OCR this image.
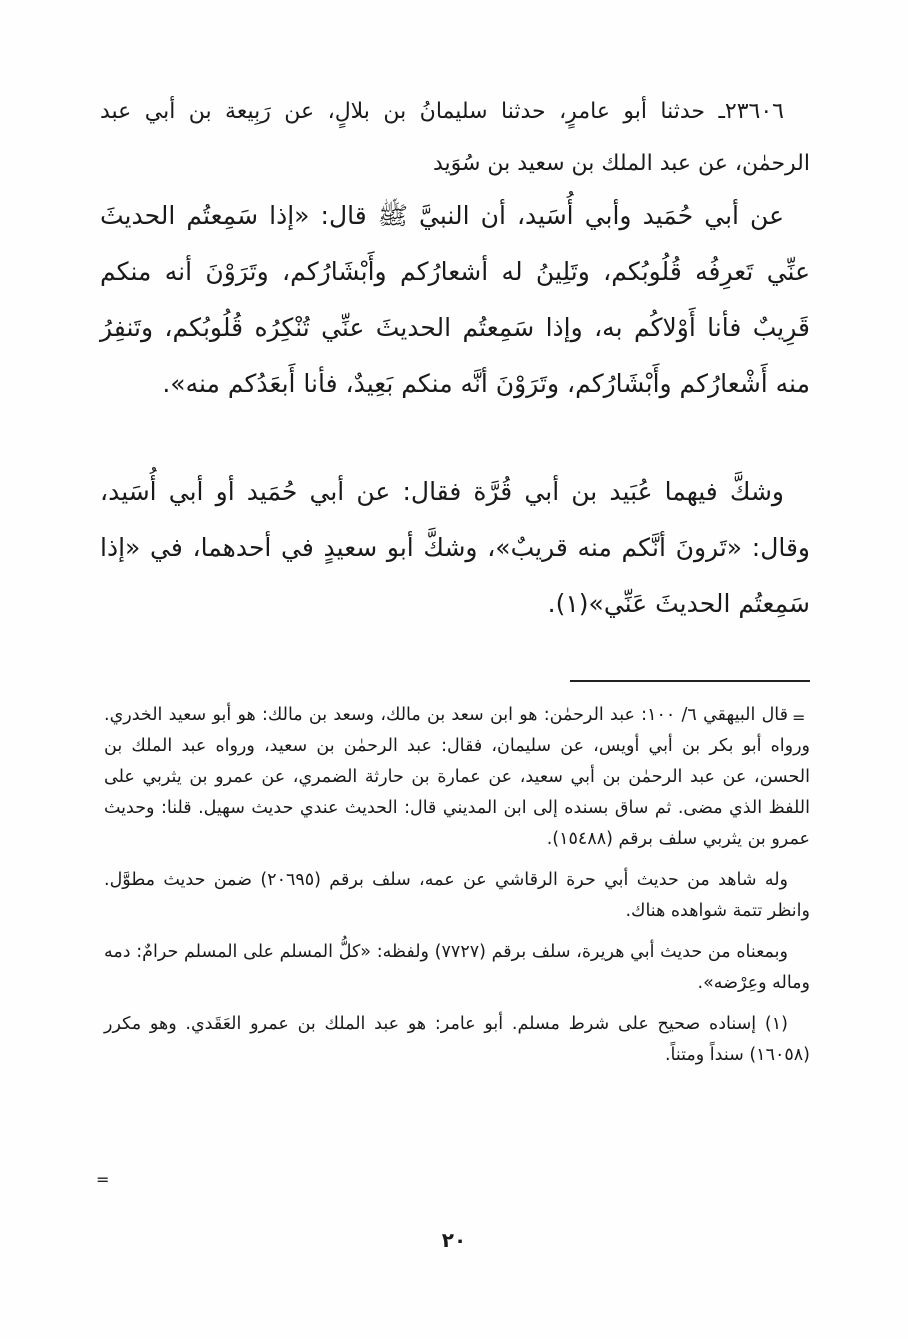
٢٣٦٠٦ـ حدثنا أبو عامرٍ، حدثنا سليمانُ بن بلالٍ، عن رَبِيعة بن أبي عبد الرحمٰن، عن عبد الملك بن سعيد بن سُوَيد

عن أبي حُمَيد وأبي أُسَيد، أن النبيَّ ﷺ قال: «إذا سَمِعتُم الحديثَ عنِّي تَعرِفُه قُلُوبُكم، وتَلِينُ له أشعارُكم وأَبْشَارُكم، وتَرَوْنَ أنه منكم قَرِيبٌ فأنا أَوْلاكُم به، وإذا سَمِعتُم الحديثَ عنِّي تُنْكِرُه قُلُوبُكم، وتَنفِرُ منه أَشْعارُكم وأَبْشَارُكم، وتَرَوْنَ أنَّه منكم بَعِيدٌ، فأنا أَبعَدُكم منه».

وشكَّ فيهما عُبَيد بن أبي قُرَّة فقال: عن أبي حُمَيد أو أبي أُسَيد، وقال: «تَرونَ أنَّكم منه قريبٌ»، وشكَّ أبو سعيدٍ في أحدهما، في «إذا سَمِعتُم الحديثَ عَنِّي»(١).

=

قال البيهقي ٦/ ١٠٠: عبد الرحمٰن: هو ابن سعد بن مالك، وسعد بن مالك: هو أبو سعيد الخدري. ورواه أبو بكر بن أبي أويس، عن سليمان، فقال: عبد الرحمٰن بن سعيد، ورواه عبد الملك بن الحسن، عن عبد الرحمٰن بن أبي سعيد، عن عمارة بن حارثة الضمري، عن عمرو بن يثربي على اللفظ الذي مضى. ثم ساق بسنده إلى ابن المديني قال: الحديث عندي حديث سهيل. قلنا: وحديث عمرو بن يثربي سلف برقم (١٥٤٨٨).

وله شاهد من حديث أبي حرة الرقاشي عن عمه، سلف برقم (٢٠٦٩٥) ضمن حديث مطوَّل. وانظر تتمة شواهده هناك.

وبمعناه من حديث أبي هريرة، سلف برقم (٧٧٢٧) ولفظه: «كلُّ المسلم على المسلم حرامٌ: دمه وماله وعِرْضه».

(١) إسناده صحيح على شرط مسلم. أبو عامر: هو عبد الملك بن عمرو العَقَدي. وهو مكرر (١٦٠٥٨) سنداً ومتناً.

=
٢٠
